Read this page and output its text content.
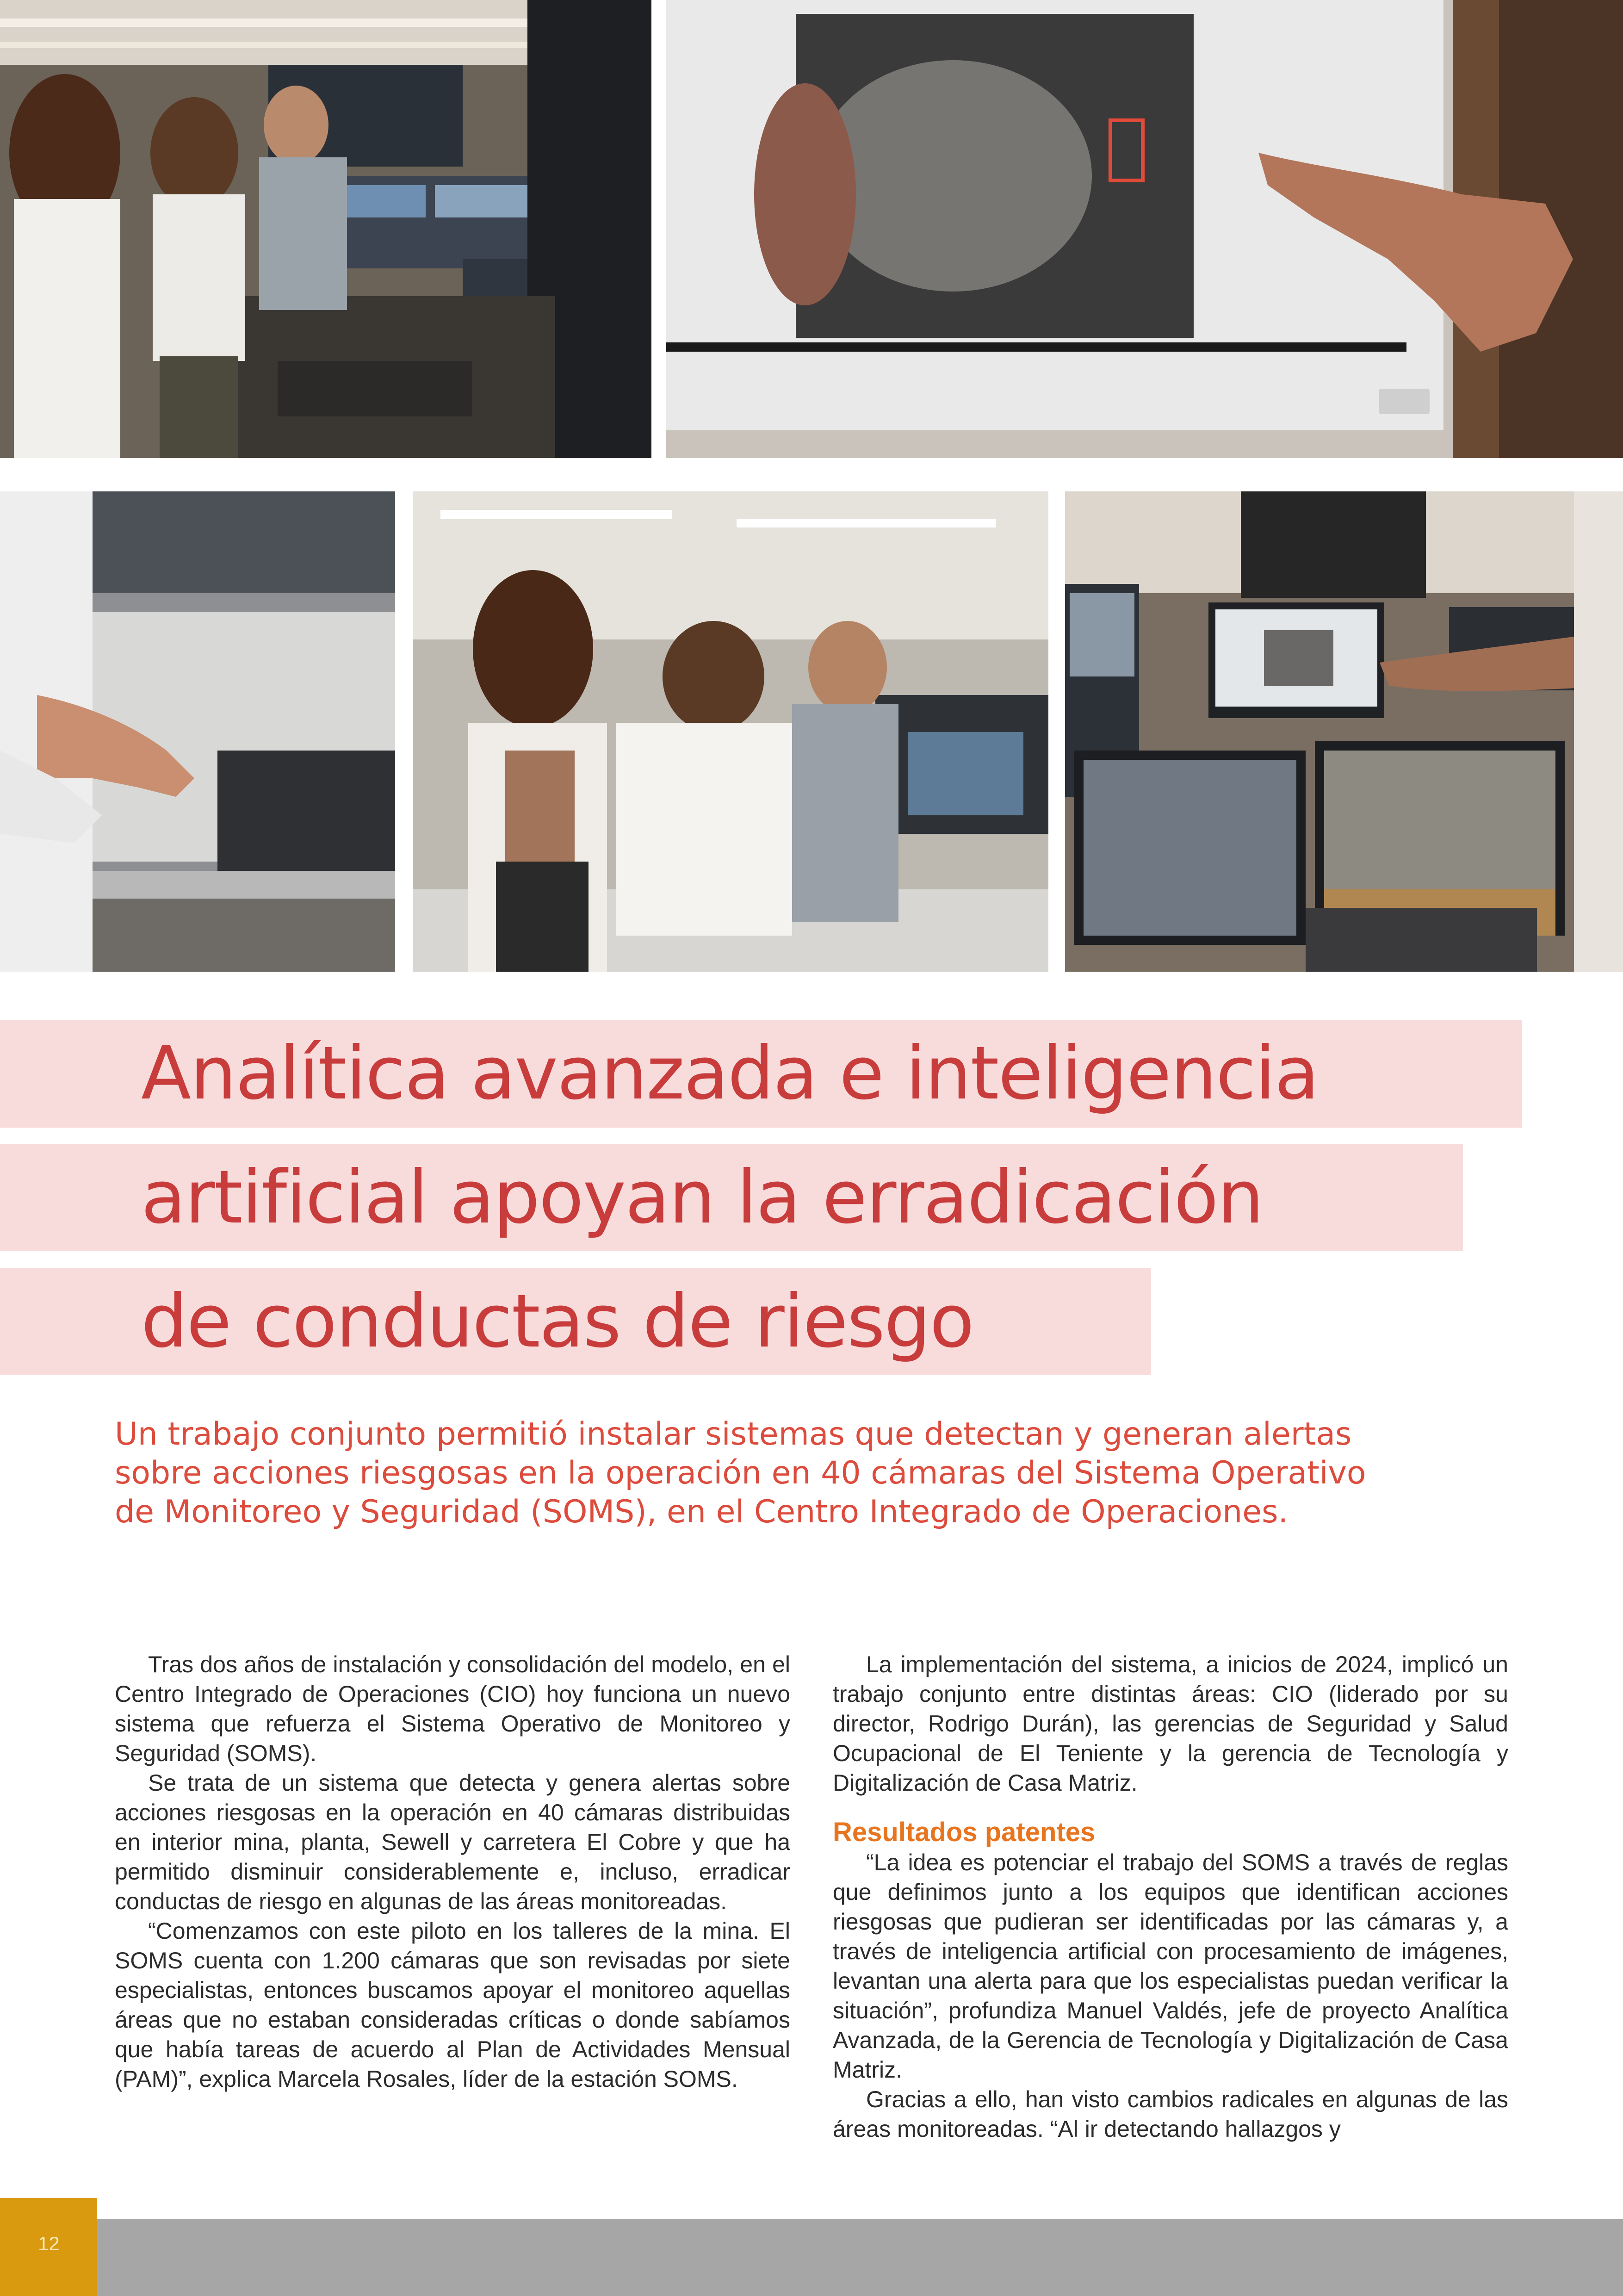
Analítica avanzada e inteligencia
artificial apoyan la erradicación
de conductas de riesgo

Un trabajo conjunto permitió instalar sistemas que detectan y generan alertas sobre acciones riesgosas en la operación en 40 cámaras del Sistema Operativo de Monitoreo y Seguridad (SOMS), en el Centro Integrado de Operaciones.

Tras dos años de instalación y consolidación del modelo, en el Centro Integrado de Operaciones (CIO) hoy funciona un nuevo sistema que refuerza el Sistema Operativo de Monitoreo y Seguridad (SOMS).

Se trata de un sistema que detecta y genera alertas sobre acciones riesgosas en la operación en 40 cámaras distribuidas en interior mina, planta, Sewell y carretera El Cobre y que ha permitido disminuir considerablemente e, incluso, erradicar conductas de riesgo en algunas de las áreas monitoreadas.

“Comenzamos con este piloto en los talleres de la mina. El SOMS cuenta con 1.200 cámaras que son revisadas por siete especialistas, entonces buscamos apoyar el monitoreo aquellas áreas que no estaban consideradas críticas o donde sabíamos que había tareas de acuerdo al Plan de Actividades Mensual (PAM)”, explica Marcela Rosales, líder de la estación SOMS.

La implementación del sistema, a inicios de 2024, implicó un trabajo conjunto entre distintas áreas: CIO (liderado por su director, Rodrigo Durán), las gerencias de Seguridad y Salud Ocupacional de El Teniente y la gerencia de Tecnología y Digitalización de Casa Matriz.

Resultados patentes

“La idea es potenciar el trabajo del SOMS a través de reglas que definimos junto a los equipos que identifican acciones riesgosas que pudieran ser identificadas por las cámaras y, a través de inteligencia artificial con procesamiento de imágenes, levantan una alerta para que los especialistas puedan verificar la situación”, profundiza Manuel Valdés, jefe de proyecto Analítica Avanzada, de la Gerencia de Tecnología y Digitalización de Casa Matriz.

Gracias a ello, han visto cambios radicales en algunas de las áreas monitoreadas. “Al ir detectando hallazgos y

12
